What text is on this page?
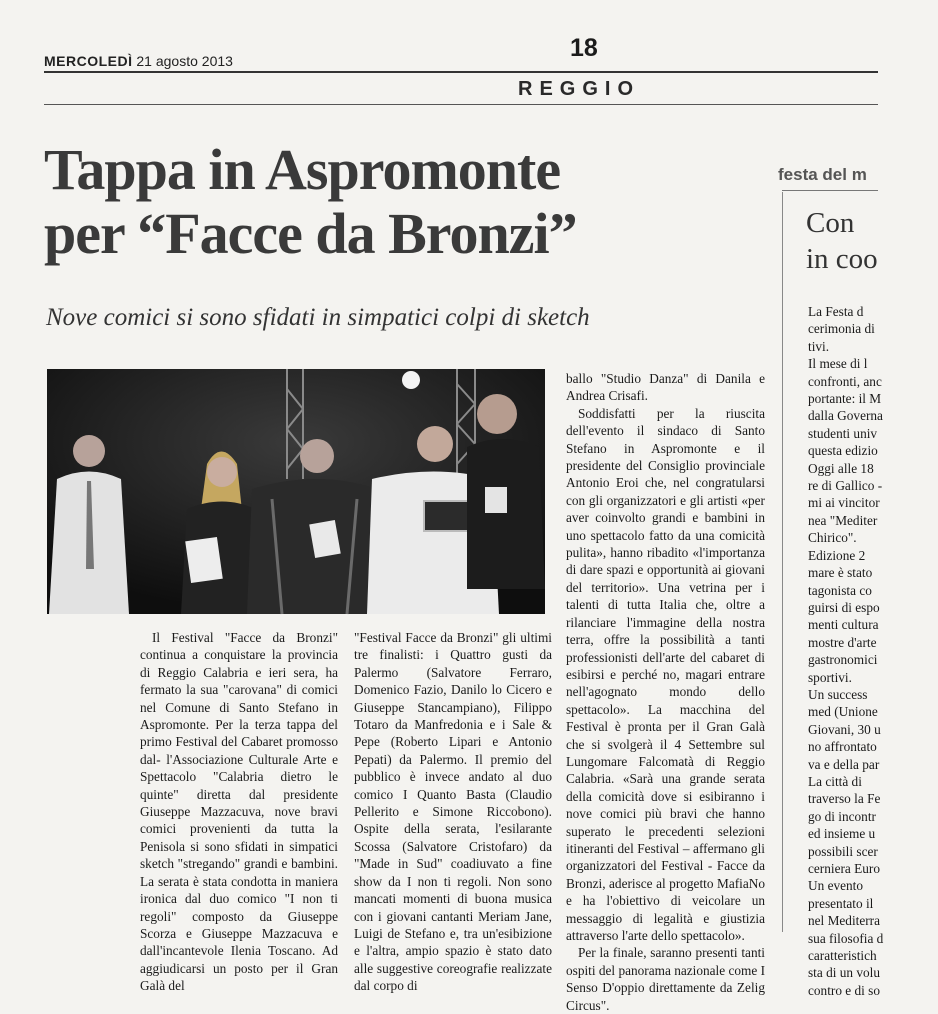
MERCOLEDÌ 21 agosto 2013	18
REGGIO
Tappa in Aspromonte
per “Facce da Bronzi”
Nove comici si sono sfidati in simpatici colpi di sketch

Il Festival "Facce da Bronzi" continua a conquistare la provincia di Reggio Calabria e ieri sera, ha fermato la sua "carovana" di comici nel Comune di Santo Stefano in Aspromonte. Per la terza tappa del primo Festival del Cabaret promosso dal- l'Associazione Culturale Arte e Spettacolo "Calabria dietro le quinte" diretta dal presidente Giuseppe Mazzacuva, nove bravi comici provenienti da tutta la Penisola si sono sfidati in simpatici sketch "stregando" grandi e bambini. La serata è stata condotta in maniera ironica dal duo comico "I non ti regoli" composto da Giuseppe Scorza e Giuseppe Mazzacuva e dall'incantevole Ilenia Toscano. Ad aggiudicarsi un posto per il Gran Galà del

"Festival Facce da Bronzi" gli ultimi tre finalisti: i Quattro gusti da Palermo (Salvatore Ferraro, Domenico Fazio, Danilo lo Cicero e Giuseppe Stancampiano), Filippo Totaro da Manfredonia e i Sale & Pepe (Roberto Lipari e Antonio Pepati) da Palermo. Il premio del pubblico è invece andato al duo comico I Quanto Basta (Claudio Pellerito e Simone Riccobono). Ospite della serata, l'esilarante Scossa (Salvatore Cristofaro) da "Made in Sud" coadiuvato a fine show da I non ti regoli. Non sono mancati momenti di buona musica con i giovani cantanti Meriam Jane, Luigi de Stefano e, tra un'esibizione e l'altra, ampio spazio è stato dato alle suggestive coreografie realizzate dal corpo di

ballo "Studio Danza" di Danila e Andrea Crisafi.

Soddisfatti per la riuscita dell'evento il sindaco di Santo Stefano in Aspromonte e il presidente del Consiglio provinciale Antonio Eroi che, nel congratularsi con gli organizzatori e gli artisti «per aver coinvolto grandi e bambini in uno spettacolo fatto da una comicità pulita», hanno ribadito «l'importanza di dare spazi e opportunità ai giovani del territorio». Una vetrina per i talenti di tutta Italia che, oltre a rilanciare l'immagine della nostra terra, offre la possibilità a tanti professionisti dell'arte del cabaret di esibirsi e perché no, magari entrare nell'agognato mondo dello spettacolo». La macchina del Festival è pronta per il Gran Galà che si svolgerà il 4 Settembre sul Lungomare Falcomatà di Reggio Calabria. «Sarà una grande serata della comicità dove si esibiranno i nove comici più bravi che hanno superato le precedenti selezioni itineranti del Festival – affermano gli organizzatori del Festival - Facce da Bronzi, aderisce al progetto MafiaNo e ha l'obiettivo di veicolare un messaggio di legalità e giustizia attraverso l'arte dello spettacolo».

Per la finale, saranno presenti tanti ospiti del panorama nazionale come I Senso D'oppio direttamente da Zelig Circus".

festa del m
Con
in coo
La Festa d
cerimonia di
tivi.
Il mese di l
confronti, anc
portante: il M
dalla Governa
studenti univ
questa edizio
Oggi alle 18
re di Gallico -
mi ai vincitor
nea "Mediter
Chirico".
Edizione 2
mare è stato
tagonista co
guirsi di espo
menti cultura
mostre d'arte
gastronomici
sportivi.
Un success
med (Unione
Giovani, 30 u
no affrontato
va e della par
La città di
traverso la Fe
go di incontr
ed insieme u
possibili scer
cerniera Euro
Un evento
presentato il
nel Mediterra
sua filosofia d
caratteristich
sta di un volu
contro e di so
